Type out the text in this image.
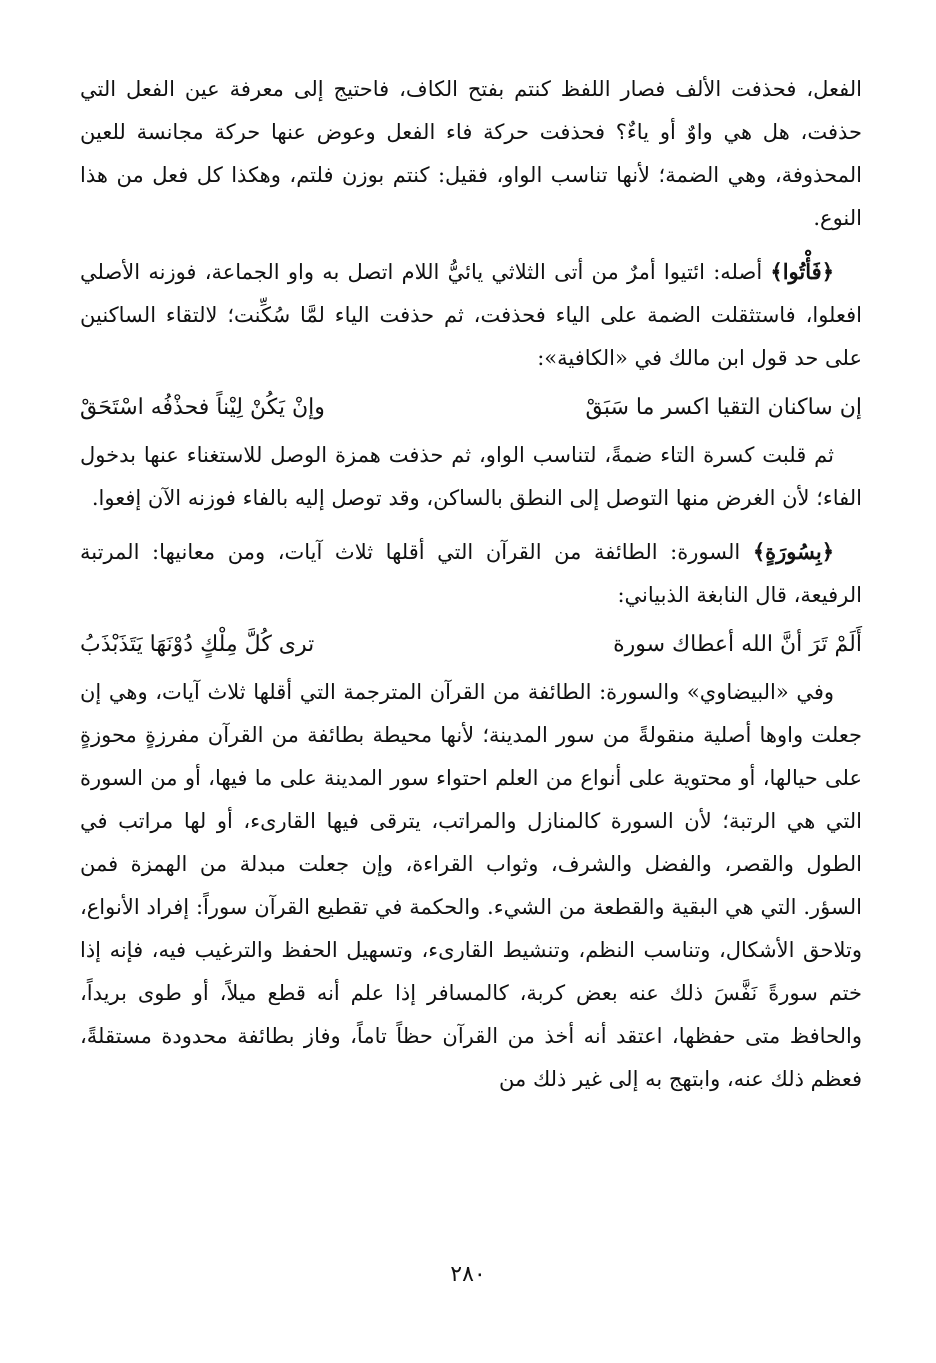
الفعل، فحذفت الألف فصار اللفظ كنتم بفتح الكاف، فاحتيج إلى معرفة عين الفعل التي حذفت، هل هي واوٌ أو ياءٌ؟ فحذفت حركة فاء الفعل وعوض عنها حركة مجانسة للعين المحذوفة، وهي الضمة؛ لأنها تناسب الواو، فقيل: كنتم بوزن فلتم، وهكذا كل فعل من هذا النوع.

﴿فَأْتُوا﴾ أصله: ائتيوا أمرٌ من أتى الثلاثي يائيُّ اللام اتصل به واو الجماعة، فوزنه الأصلي افعلوا، فاستثقلت الضمة على الياء فحذفت، ثم حذفت الياء لمَّا سُكِّنت؛ لالتقاء الساكنين على حد قول ابن مالك في «الكافية»:

إن ساكنان التقيا اكسر ما سَبَقْ
وإنْ يَكُنْ لِيْناً فحذْفُه اسْتَحَقْ

ثم قلبت كسرة التاء ضمةً، لتناسب الواو، ثم حذفت همزة الوصل للاستغناء عنها بدخول الفاء؛ لأن الغرض منها التوصل إلى النطق بالساكن، وقد توصل إليه بالفاء فوزنه الآن إفعوا.

﴿بِسُورَةٍ﴾ السورة: الطائفة من القرآن التي أقلها ثلاث آيات، ومن معانيها: المرتبة الرفيعة، قال النابغة الذبياني:

أَلَمْ تَرَ أنَّ الله أعطاك سورة
ترى كُلَّ مِلْكٍ دُوْنَهَا يَتَذَبْذَبُ

وفي «البيضاوي» والسورة: الطائفة من القرآن المترجمة التي أقلها ثلاث آيات، وهي إن جعلت واوها أصلية منقولةً من سور المدينة؛ لأنها محيطة بطائفة من القرآن مفرزةٍ محوزةٍ على حيالها، أو محتوية على أنواع من العلم احتواء سور المدينة على ما فيها، أو من السورة التي هي الرتبة؛ لأن السورة كالمنازل والمراتب، يترقى فيها القارىء، أو لها مراتب في الطول والقصر، والفضل والشرف، وثواب القراءة، وإن جعلت مبدلة من الهمزة فمن السؤر. التي هي البقية والقطعة من الشيء. والحكمة في تقطيع القرآن سوراً: إفراد الأنواع، وتلاحق الأشكال، وتناسب النظم، وتنشيط القارىء، وتسهيل الحفظ والترغيب فيه، فإنه إذا ختم سورةً نَفَّسَ ذلك عنه بعض كربة، كالمسافر إذا علم أنه قطع ميلاً، أو طوى بريداً، والحافظ متى حفظها، اعتقد أنه أخذ من القرآن حظاً تاماً، وفاز بطائفة محدودة مستقلةً، فعظم ذلك عنه، وابتهج به إلى غير ذلك من

٢٨٠
